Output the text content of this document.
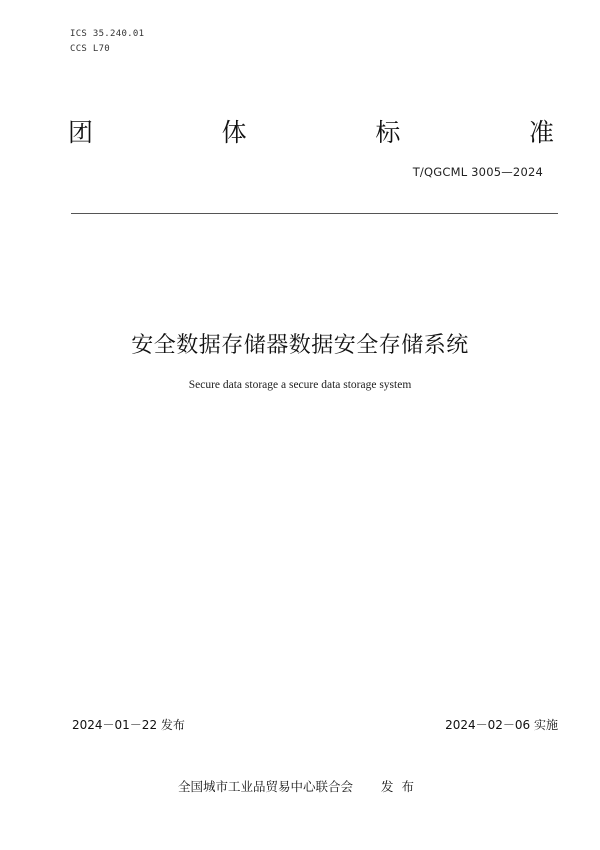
ICS 35.240.01
CCS L70
团	体	标	准
T/QGCML 3005—2024
安全数据存储器数据安全存储系统
Secure data storage a secure data storage system
2024－01－22 发布	2024－02－06 实施
全国城市工业品贸易中心联合会 发布
